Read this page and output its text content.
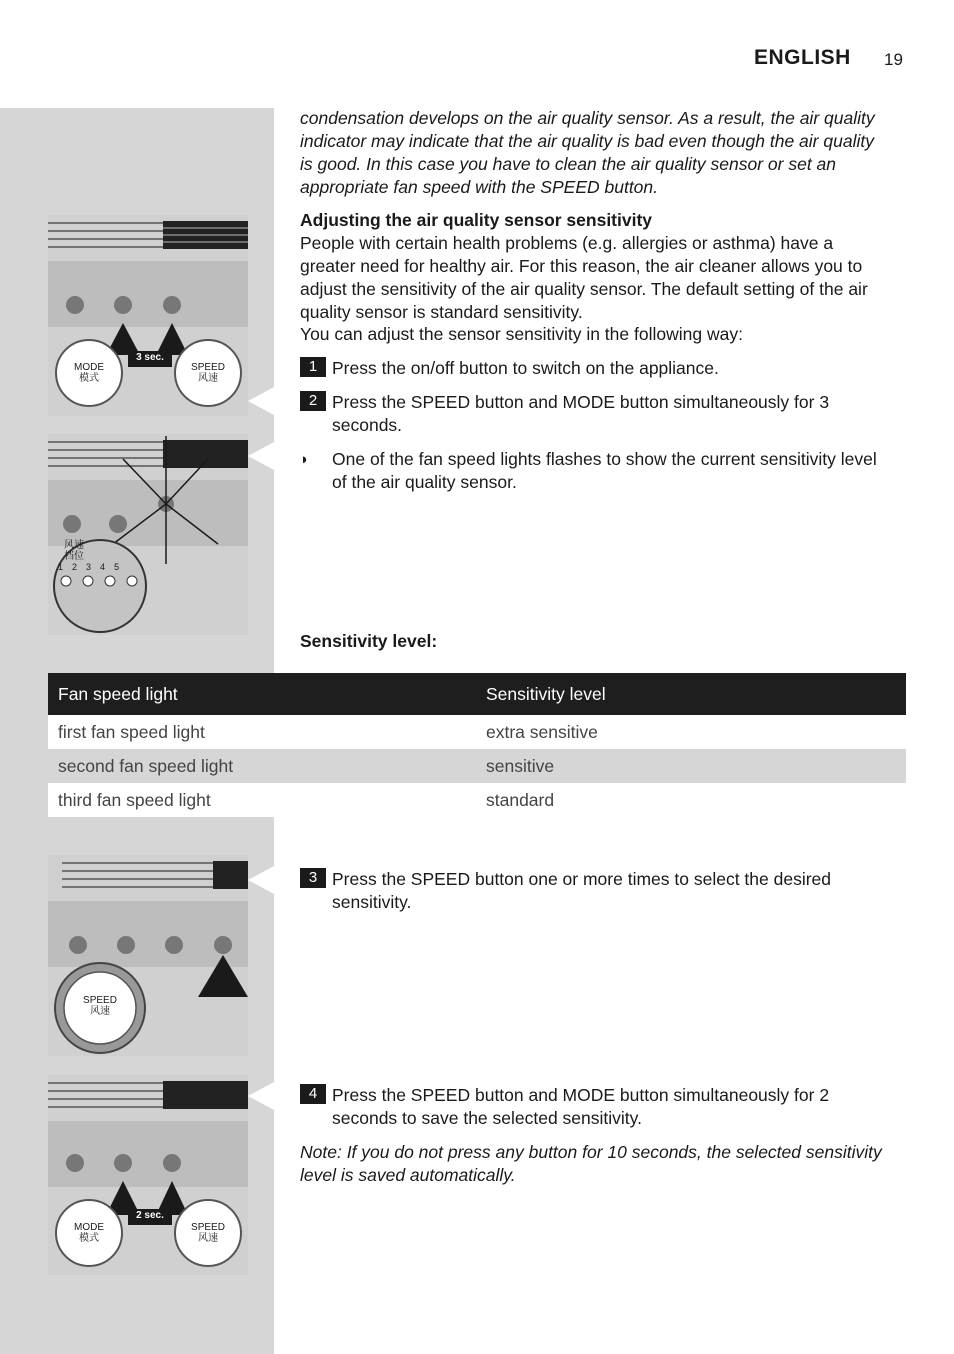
ENGLISH 19
condensation develops on the air quality sensor. As a result, the air quality indicator may indicate that the air quality is bad even though the air quality is good. In this case you have to clean the air quality sensor or set an appropriate fan speed with the SPEED button.
Adjusting the air quality sensor sensitivity
People with certain health problems (e.g. allergies or asthma) have a greater need for healthy air. For this reason, the air cleaner allows you to adjust the sensitivity of the air quality sensor. The default setting of the air quality sensor is standard sensitivity.
You can adjust the sensor sensitivity in the following way:
1 Press the on/off button to switch on the appliance.
2 Press the SPEED button and MODE button simultaneously for 3 seconds.
◗ One of the fan speed lights flashes to show the current sensitivity level of the air quality sensor.
Sensitivity level:
Fan speed light	Sensitivity level
first fan speed light	extra sensitive
second fan speed light	sensitive
third fan speed light	standard
3 Press the SPEED button one or more times to select the desired sensitivity.
4 Press the SPEED button and MODE button simultaneously for 2 seconds to save the selected sensitivity.
Note: If you do not press any button for 10 seconds, the selected sensitivity level is saved automatically.
MODE
模式
SPEED
风速
3 sec.
风速
档位
1 2 3 4 5
SPEED
风速
MODE
模式
SPEED
风速
2 sec.
